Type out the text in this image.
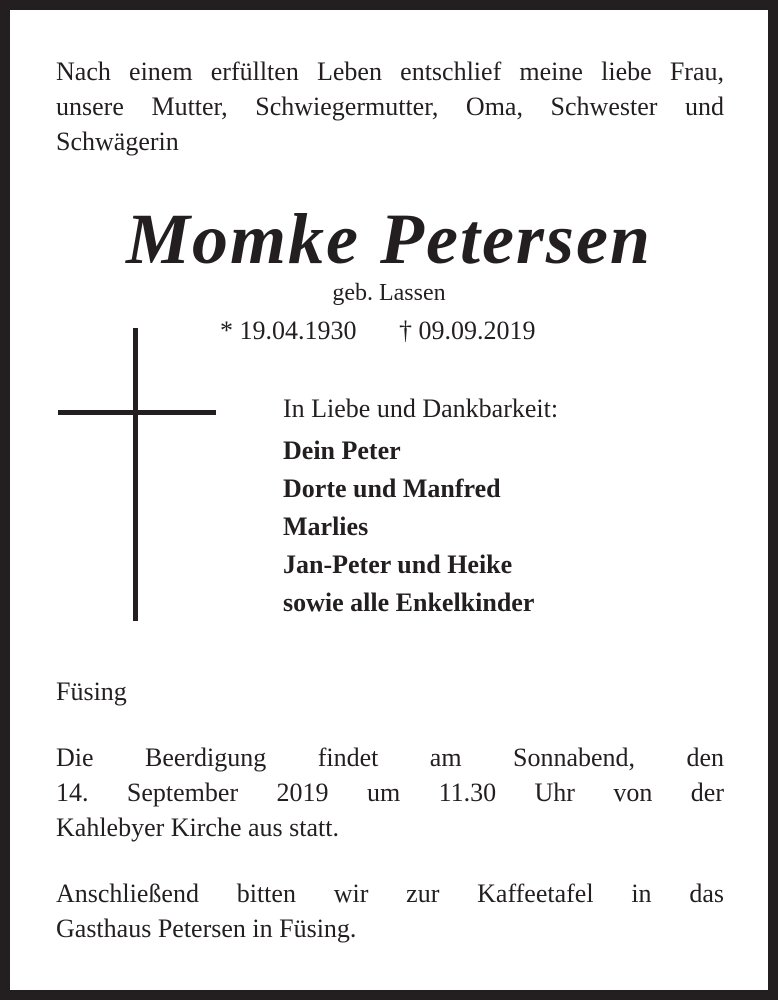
Nach einem erfüllten Leben entschlief meine liebe Frau,
unsere Mutter, Schwiegermutter, Oma, Schwester und
Schwägerin
Momke Petersen
geb. Lassen
* 19.04.1930 † 09.09.2019
In Liebe und Dankbarkeit:
Dein Peter
Dorte und Manfred
Marlies
Jan-Peter und Heike
sowie alle Enkelkinder
Füsing
Die Beerdigung findet am Sonnabend, den
14. September 2019 um 11.30 Uhr von der
Kahlebyer Kirche aus statt.
Anschließend bitten wir zur Kaffeetafel in das
Gasthaus Petersen in Füsing.
